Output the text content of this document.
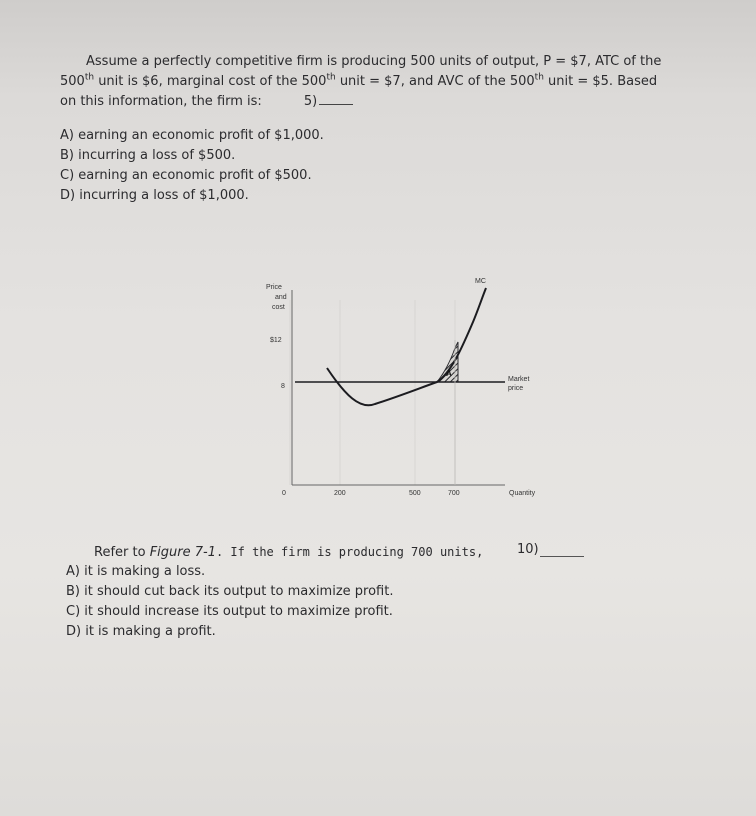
Assume a perfectly competitive firm is producing 500 units of output, P = $7, ATC of the
500th unit is $6, marginal cost of the 500th unit = $7, and AVC of the 500th unit = $5. Based
on this information, the firm is:	5)
A) earning an economic profit of $1,000.
B) incurring a loss of $500.
C) earning an economic profit of $500.
D) incurring a loss of $1,000.
Price
and
cost
$12
8
0	200	500	700	Quantity
MC
Market
price
A
Refer to Figure 7-1. If the firm is producing 700 units,	10)
A) it is making a loss.
B) it should cut back its output to maximize profit.
C) it should increase its output to maximize profit.
D) it is making a profit.
